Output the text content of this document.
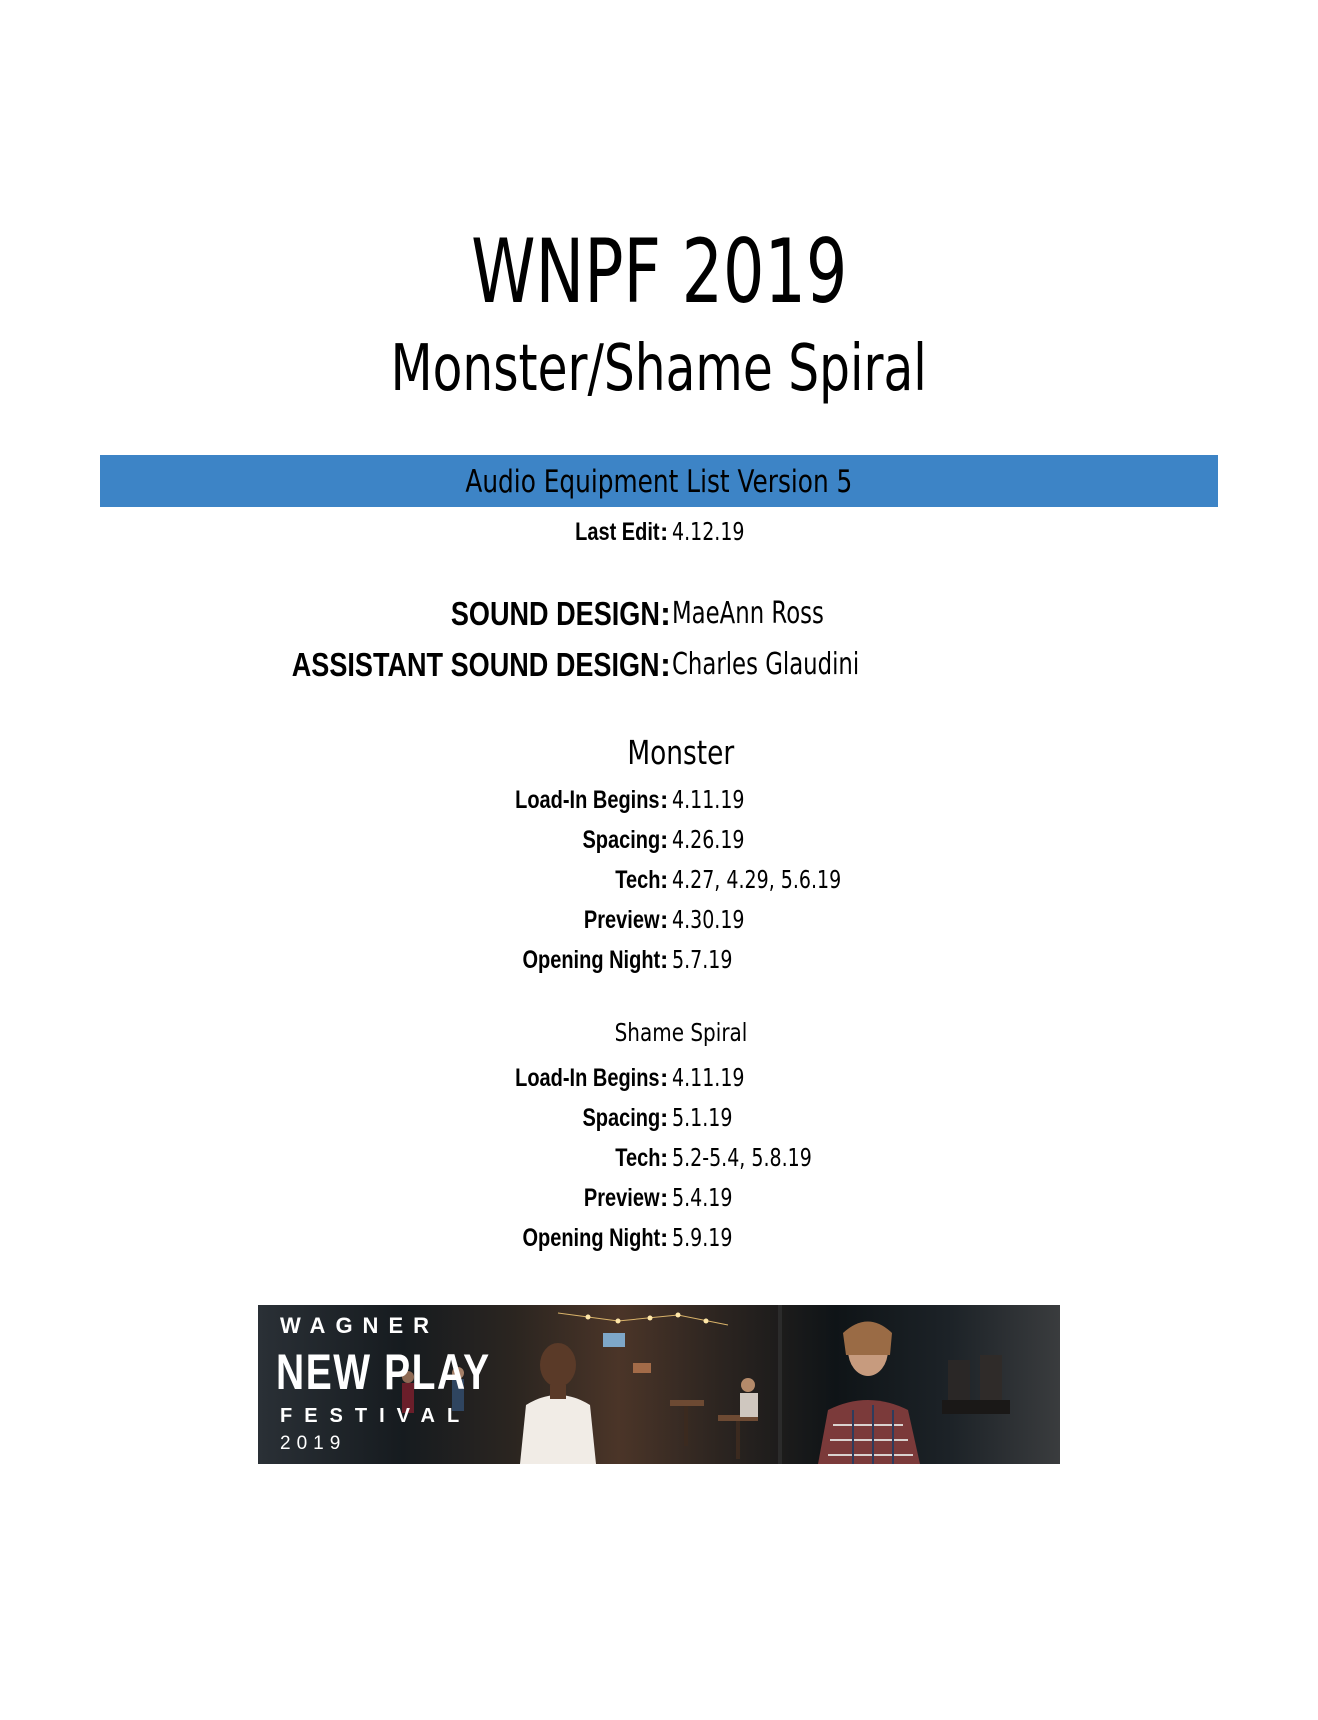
WNPF 2019
Monster/Shame Spiral
Audio Equipment List Version 5
Last Edit : 4.12.19
SOUND DESIGN : MaeAnn Ross
ASSISTANT SOUND DESIGN : Charles Glaudini
Monster
Load-In Begins : 4.11.19
Spacing : 4.26.19
Tech : 4.27, 4.29, 5.6.19
Preview : 4.30.19
Opening Night : 5.7.19
Shame Spiral
Load-In Begins : 4.11.19
Spacing : 5.1.19
Tech : 5.2-5.4, 5.8.19
Preview : 5.4.19
Opening Night : 5.9.19
WAGNER
NEW PLAY
FESTIVAL
2019
